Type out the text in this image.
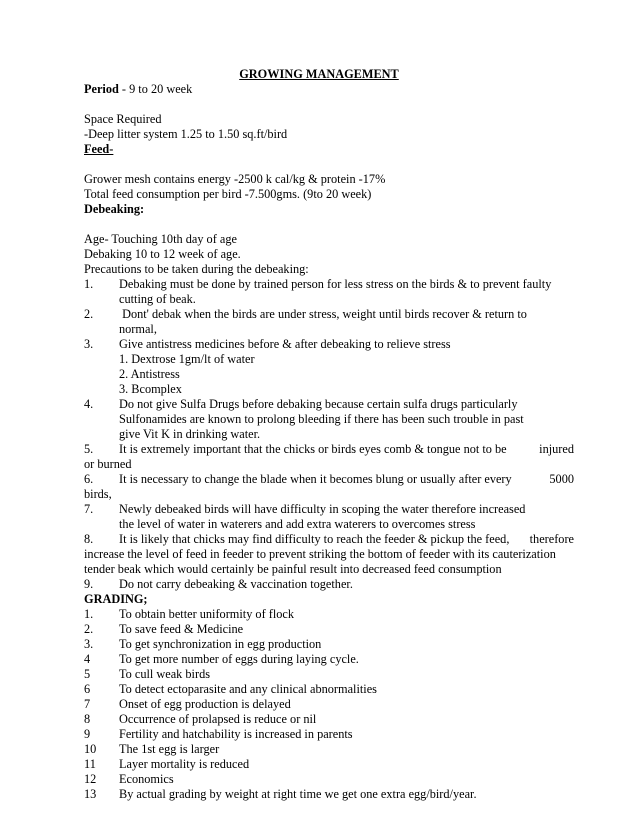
GROWING MANAGEMENT
Period - 9 to 20 week
Space Required
-Deep litter system 1.25 to 1.50 sq.ft/bird
Feed-
Grower mesh contains energy -2500 k cal/kg & protein -17%
Total feed consumption per bird -7.500gms. (9to 20 week)
Debeaking:
Age- Touching 10th day of age
Debaking 10 to 12 week of age.
Precautions to be taken during the debeaking:
1. Debaking must be done by trained person for less stress on the birds & to prevent faulty
cutting of beak.
2. Dont' debak when the birds are under stress, weight until birds recover & return to
normal,
3. Give antistress medicines before & after debeaking to relieve stress
1. Dextrose 1gm/lt of water
2. Antistress
3. Bcomplex
4. Do not give Sulfa Drugs before debaking because certain sulfa drugs particularly
Sulfonamides are known to prolong bleeding if there has been such trouble in past
give Vit K in drinking water.
5. It is extremely important that the chicks or birds eyes comb & tongue not to be	injured
or burned
6. It is necessary to change the blade when it becomes blung or usually after every	5000
birds,
7. Newly debeaked birds will have difficulty in scoping the water therefore increased
the level of water in waterers and add extra waterers to overcomes stress
8. It is likely that chicks may find difficulty to reach the feeder & pickup the feed, therefore
increase the level of feed in feeder to prevent striking the bottom of feeder with its cauterization
tender beak which would certainly be painful result into decreased feed consumption
9. Do not carry debeaking & vaccination together.
GRADING;
1. To obtain better uniformity of flock
2. To save feed & Medicine
3. To get synchronization in egg production
4 To get more number of eggs during laying cycle.
5 To cull weak birds
6 To detect ectoparasite and any clinical abnormalities
7 Onset of egg production is delayed
8 Occurrence of prolapsed is reduce or nil
9 Fertility and hatchability is increased in parents
10 The 1st egg is larger
11 Layer mortality is reduced
12 Economics
13 By actual grading by weight at right time we get one extra egg/bird/year.
